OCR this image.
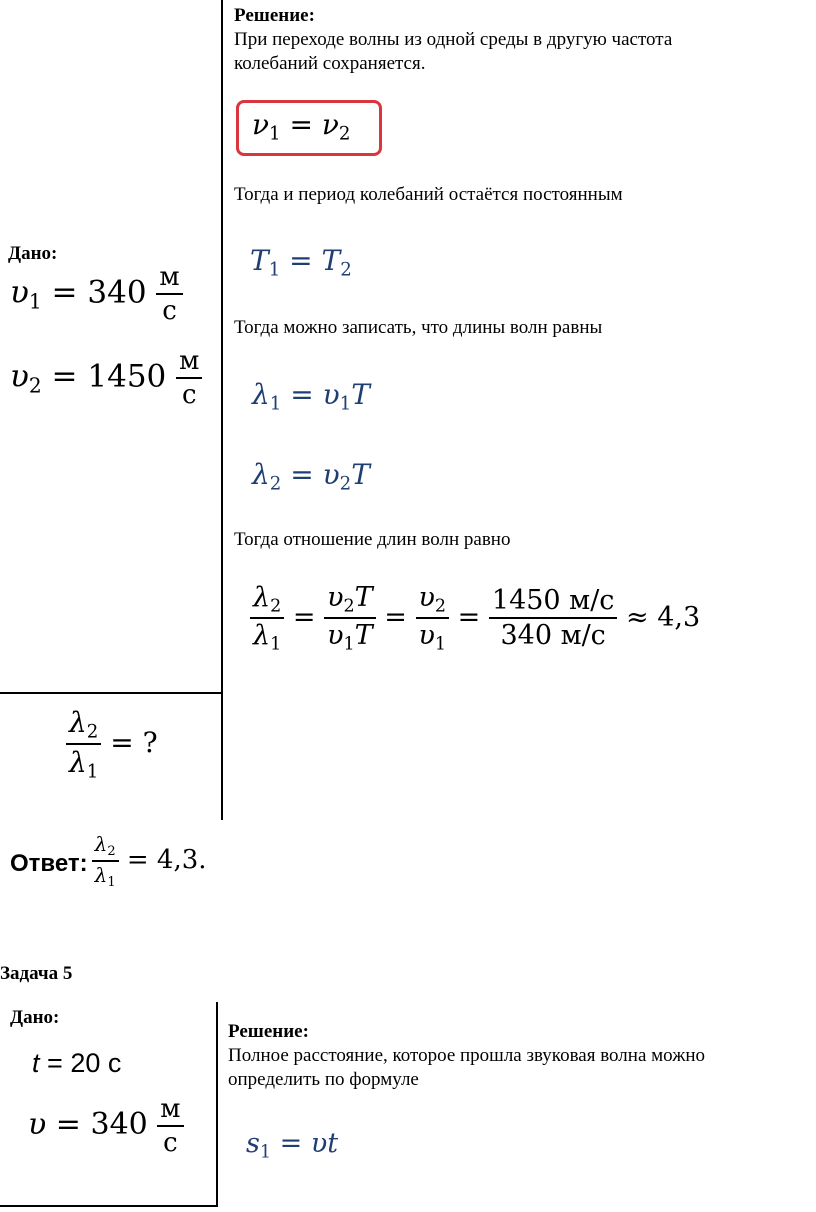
Дано:
$\upsilon_1 = 340 \frac{м}{с}$
$\upsilon_2 = 1450 \frac{м}{с}$
$\frac{\lambda_2}{\lambda_1}$ = ?
Решение:
При переходе волны из одной среды в другую частота колебаний сохраняется.
$\nu_1 = \nu_2$
Тогда и период колебаний остаётся постоянным
$T_1 = T_2$
Тогда можно записать, что длины волн равны
$\lambda_1 = \upsilon_1T$
$\lambda_2 = \upsilon_2T$
Тогда отношение длин волн равно
$\frac{\lambda_2}{\lambda_1} = \frac{\upsilon_2T}{\upsilon_1T} = \frac{\upsilon_2}{\upsilon_1} = \frac{1450 м/с}{340 м/с} \approx 4,3$
Ответ: $\frac{\lambda_2}{\lambda_1} = 4,3$.
Задача 5
Дано:
t = 20 с
$\upsilon = 340 \frac{м}{с}$
Решение:
Полное расстояние, которое прошла звуковая волна можно определить по формуле
$s_1 = \upsilon t$
